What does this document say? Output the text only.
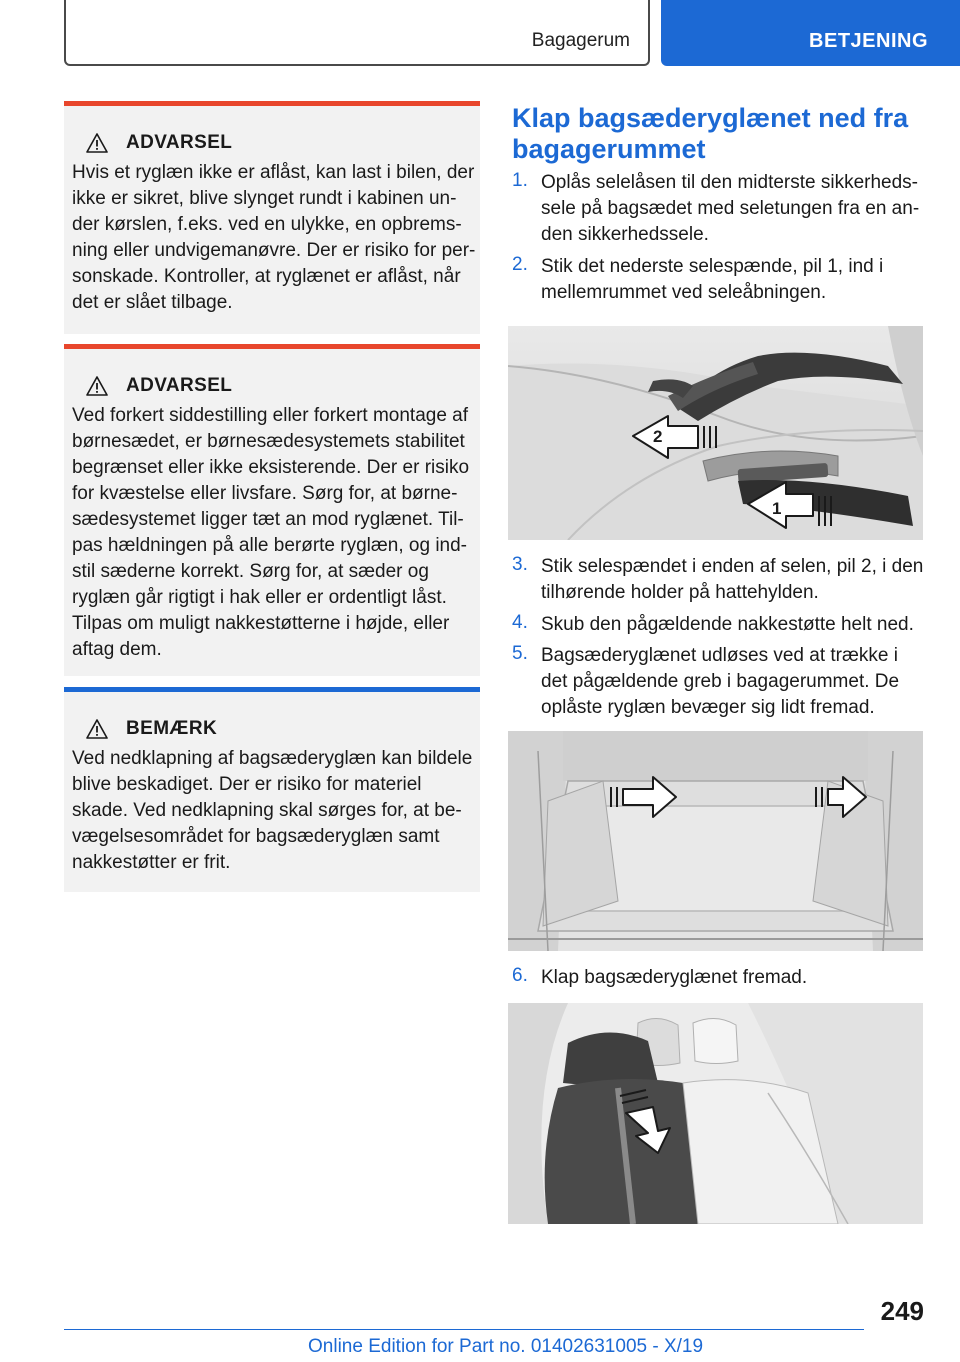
Bagagerum	BETJENING
ADVARSEL
Hvis et ryglæn ikke er aflåst, kan last i bilen, der
ikke er sikret, blive slynget rundt i kabinen un-
der kørslen, f.eks. ved en ulykke, en opbrems-
ning eller undvigemanøvre. Der er risiko for per-
sonskade. Kontroller, at ryglænet er aflåst, når
det er slået tilbage.
ADVARSEL
Ved forkert siddestilling eller forkert montage af
børnesædet, er børnesædesystemets stabilitet
begrænset eller ikke eksisterende. Der er risiko
for kvæstelse eller livsfare. Sørg for, at børne-
sædesystemet ligger tæt an mod ryglænet. Til-
pas hældningen på alle berørte ryglæn, og ind-
stil sæderne korrekt. Sørg for, at sæder og
ryglæn går rigtigt i hak eller er ordentligt låst.
Tilpas om muligt nakkestøtterne i højde, eller
aftag dem.
BEMÆRK
Ved nedklapning af bagsæderyglæn kan bildele
blive beskadiget. Der er risiko for materiel
skade. Ved nedklapning skal sørges for, at be-
vægelsesområdet for bagsæderyglæn samt
nakkestøtter er frit.
Klap bagsæderyglænet ned fra
bagagerummet
1. Oplås selelåsen til den midterste sikkerheds-
sele på bagsædet med seletungen fra en an-
den sikkerhedssele.
2. Stik det nederste selespænde, pil 1, ind i
mellemrummet ved seleåbningen.
2
1
3. Stik selespændet i enden af selen, pil 2, i den
tilhørende holder på hattehylden.
4. Skub den pågældende nakkestøtte helt ned.
5. Bagsæderyglænet udløses ved at trække i
det pågældende greb i bagagerummet. De
oplåste ryglæn bevæger sig lidt fremad.
6. Klap bagsæderyglænet fremad.
249
Online Edition for Part no. 01402631005 - X/19
